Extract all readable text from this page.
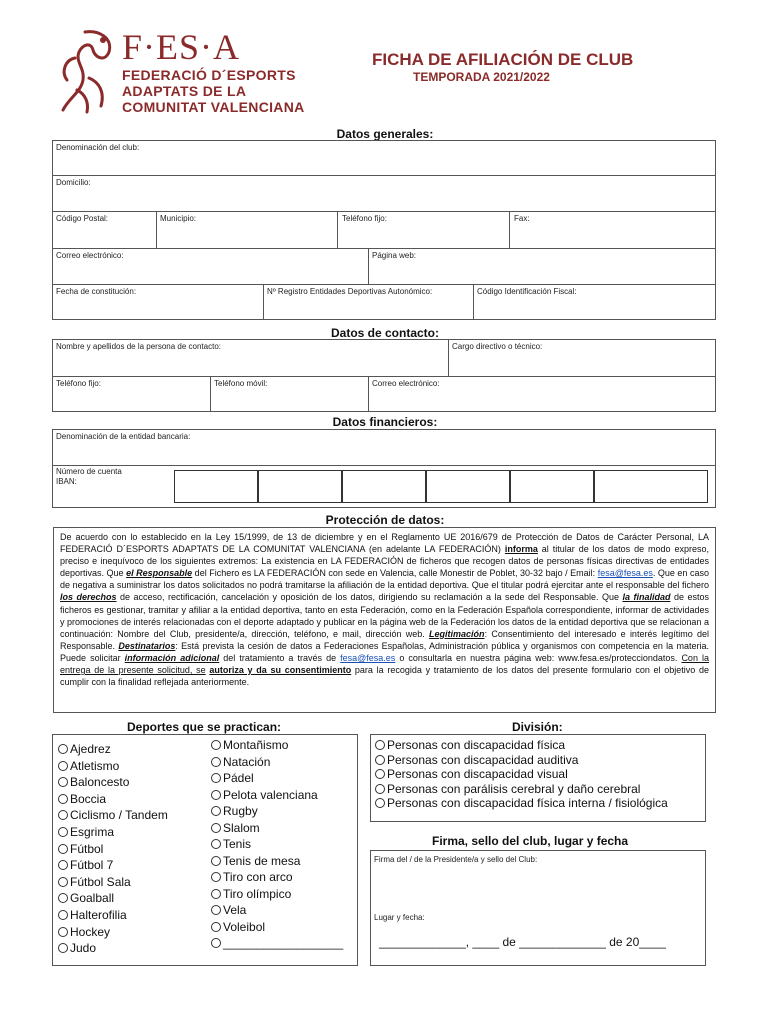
F·ES·A
FEDERACIÓ D´ESPORTS
ADAPTATS DE LA
COMUNITAT VALENCIANA
FICHA DE AFILIACIÓN DE CLUB
TEMPORADA 2021/2022
Datos generales:
Denominación del club:
Domicilio:
Código Postal:	Municipio:	Teléfono fijo:	Fax:
Correo electrónico:	Página web:
Fecha de constitución:	Nº Registro Entidades Deportivas Autonómico:	Código Identificación Fiscal:
Datos de contacto:
Nombre y apellidos de la persona de contacto:	Cargo directivo o técnico:
Teléfono fijo:	Teléfono móvil:	Correo electrónico:
Datos financieros:
Denominación de la entidad bancaria:
Número de cuenta
IBAN:
Protección de datos:
De acuerdo con lo establecido en la Ley 15/1999, de 13 de diciembre y en el Reglamento UE 2016/679 de Protección de Datos de Carácter Personal, LA FEDERACIÓ D´ESPORTS ADAPTATS DE LA COMUNITAT VALENCIANA (en adelante LA FEDERACIÓN) informa al titular de los datos de modo expreso, preciso e inequívoco de los siguientes extremos: La existencia en LA FEDERACIÓN de ficheros que recogen datos de personas físicas directivas de entidades deportivas. Que el Responsable del Fichero es LA FEDERACIÓN con sede en Valencia, calle Monestir de Poblet, 30-32 bajo / Email: fesa@fesa.es. Que en caso de negativa a suministrar los datos solicitados no podrá tramitarse la afiliación de la entidad deportiva. Que el titular podrá ejercitar ante el responsable del fichero los derechos de acceso, rectificación, cancelación y oposición de los datos, dirigiendo su reclamación a la sede del Responsable. Que la finalidad de estos ficheros es gestionar, tramitar y afiliar a la entidad deportiva, tanto en esta Federación, como en la Federación Española correspondiente, informar de actividades y promociones de interés relacionadas con el deporte adaptado y publicar en la página web de la Federación los datos de la entidad deportiva que se relacionan a continuación: Nombre del Club, presidente/a, dirección, teléfono, e mail, dirección web. Legitimación: Consentimiento del interesado e interés legítimo del Responsable. Destinatarios: Está prevista la cesión de datos a Federaciones Españolas, Administración pública y organismos con competencia en la materia. Puede solicitar información adicional del tratamiento a través de fesa@fesa.es o consultarla en nuestra página web: www.fesa.es/protecciondatos. Con la entrega de la presente solicitud, se autoriza y da su consentimiento para la recogida y tratamiento de los datos del presente formulario con el objetivo de cumplir con la finalidad reflejada anteriormente.
Deportes que se practican:
Ajedrez
Atletismo
Baloncesto
Boccia
Ciclismo / Tandem
Esgrima
Fútbol
Fútbol 7
Fútbol Sala
Goalball
Halterofilia
Hockey
Judo
Montañismo
Natación
Pádel
Pelota valenciana
Rugby
Slalom
Tenis
Tenis de mesa
Tiro con arco
Tiro olímpico
Vela
Voleibol
__________________
División:
Personas con discapacidad física
Personas con discapacidad auditiva
Personas con discapacidad visual
Personas con parálisis cerebral y daño cerebral
Personas con discapacidad física interna / fisiológica
Firma, sello del club, lugar y fecha
Firma del / de la Presidente/a y sello del Club:
Lugar y fecha:
_____________, ____ de _____________ de 20____
